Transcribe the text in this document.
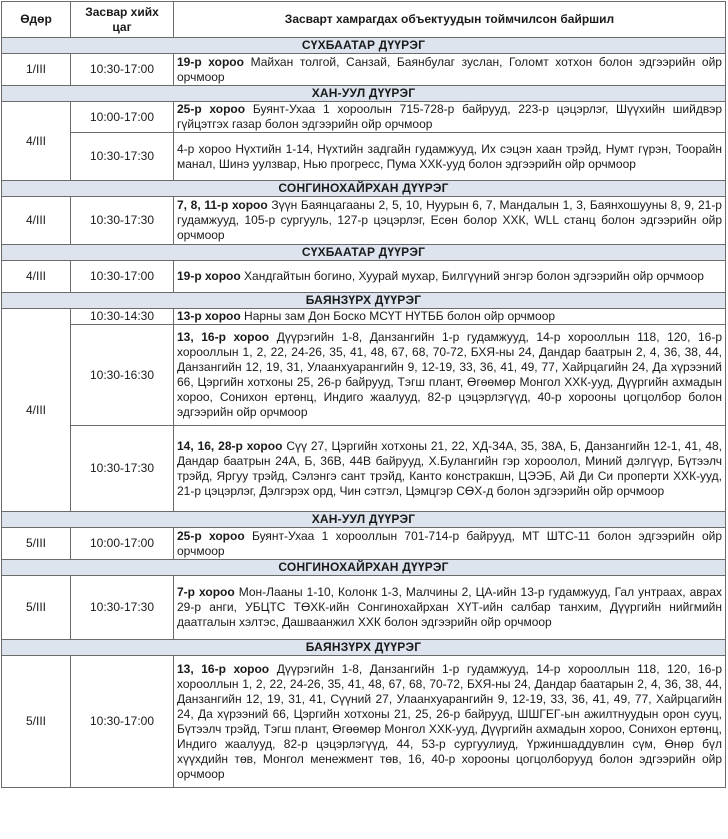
Өдөр	Засвар хийх цаг	Засварт хамрагдах объектуудын тоймчилсон байршил
СҮХБААТАР ДҮҮРЭГ		
1/III	10:30-17:00	19-р хороо Майхан толгой, Санзай, Баянбулаг зуслан, Голомт хотхон болон эдгээрийн ойр орчмоор
ХАН-УУЛ ДҮҮРЭГ		
4/III	10:00-17:00	25-р хороо Буянт-Ухаа 1 хороолын 715-728-р байрууд, 223-р цэцэрлэг, Шүүхийн шийдвэр гүйцэтгэх газар болон эдгээрийн ойр орчмоор
	10:30-17:30	4-р хороо Нүхтийн 1-14, Нүхтийн задгайн гудамжууд, Их сэцэн хаан трэйд, Нумт гүрэн, Тоорайн манал, Шинэ уулзвар, Нью прогресс, Пума ХХК-ууд болон эдгээрийн ойр орчмоор
СОНГИНОХАЙРХАН ДҮҮРЭГ		
4/III	10:30-17:30	7, 8, 11-р хороо Зүүн Баянцагааны 2, 5, 10, Нуурын 6, 7, Мандалын 1, 3, Баянхошууны 8, 9, 21-р гудамжууд, 105-р сургууль, 127-р цэцэрлэг, Есөн болор ХХК, WLL станц болон эдгээрийн ойр орчмоор
СҮХБААТАР ДҮҮРЭГ		
4/III	10:30-17:00	19-р хороо Хандгайтын богино, Хуурай мухар, Билгүүний энгэр болон эдгээрийн ойр орчмоор
БАЯНЗҮРХ ДҮҮРЭГ		
4/III	10:30-14:30	13-р хороо Нарны зам Дон Боско МСҮТ НҮТББ болон ойр орчмоор
	10:30-16:30	13, 16-р хороо Дүүрэгийн 1-8, Данзангийн 1-р гудамжууд, 14-р хорооллын 118, 120, 16-р хорооллын 1, 2, 22, 24-26, 35, 41, 48, 67, 68, 70-72, БХЯ-ны 24, Дандар баатрын 2, 4, 36, 38, 44, Данзангийн 12, 19, 31, Улаанхуарангийн 9, 12-19, 33, 36, 41, 49, 77, Хайрцагийн 24, Да хүрээний 66, Цэргийн хотхоны 25, 26-р байрууд, Тэгш плант, Өгөөмөр Монгол ХХК-ууд, Дүүргийн ахмадын хороо, Сонихон ертөнц, Индиго жаалууд, 82-р цэцэрлэгүүд, 40-р хорооны цогцолбор болон эдгээрийн ойр орчмоор
	10:30-17:30	14, 16, 28-р хороо Сүү 27, Цэргийн хотхоны 21, 22, ХД-34А, 35, 38А, Б, Данзангийн 12-1, 41, 48, Дандар баатрын 24А, Б, 36В, 44В байрууд, Х.Булангийн гэр хороолол, Миний дэлгүүр, Бүтээлч трэйд, Яргуу трэйд, Сэлэнгэ сант трэйд, Канто констракшн, ЦЭЭБ, Ай Ди Си проперти ХХК-ууд, 21-р цэцэрлэг, Дэлгэрэх орд, Чин сэтгэл, Цэмцгэр СӨХ-д болон эдгээрийн ойр орчмоор
ХАН-УУЛ ДҮҮРЭГ		
5/III	10:00-17:00	25-р хороо Буянт-Ухаа 1 хорооллын 701-714-р байрууд, МТ ШТС-11 болон эдгээрийн ойр орчмоор
СОНГИНОХАЙРХАН ДҮҮРЭГ		
5/III	10:30-17:30	7-р хороо Мон-Лааны 1-10, Колонк 1-3, Малчины 2, ЦА-ийн 13-р гудамжууд, Гал унтраах, аврах 29-р анги, УБЦТС ТӨХК-ийн Сонгинохайрхан ХҮТ-ийн салбар танхим, Дүүргийн нийгмийн даатгалын хэлтэс, Дашваанжил ХХК болон эдгээрийн ойр орчмоор
БАЯНЗҮРХ ДҮҮРЭГ		
5/III	10:30-17:00	13, 16-р хороо Дүүрэгийн 1-8, Данзангийн 1-р гудамжууд, 14-р хорооллын 118, 120, 16-р хорооллын 1, 2, 22, 24-26, 35, 41, 48, 67, 68, 70-72, БХЯ-ны 24, Дандар баатарын 2, 4, 36, 38, 44, Данзангийн 12, 19, 31, 41, Сүүний 27, Улаанхуарангийн 9, 12-19, 33, 36, 41, 49, 77, Хайрцагийн 24, Да хүрээний 66, Цэргийн хотхоны 21, 25, 26-р байрууд, ШШГЕГ-ын ажилтнуудын орон сууц, Бүтээлч трэйд, Тэгш плант, Өгөөмөр Монгол ХХК-ууд, Дүүргийн ахмадын хороо, Сонихон ертөнц, Индиго жаалууд, 82-р цэцэрлэгүүд, 44, 53-р сургуулиуд, Үржиншаддувлин сүм, Өнөр бүл хүүхдийн төв, Монгол менежмент төв, 16, 40-р хорооны цогцолборууд болон эдгээрийн ойр орчмоор
